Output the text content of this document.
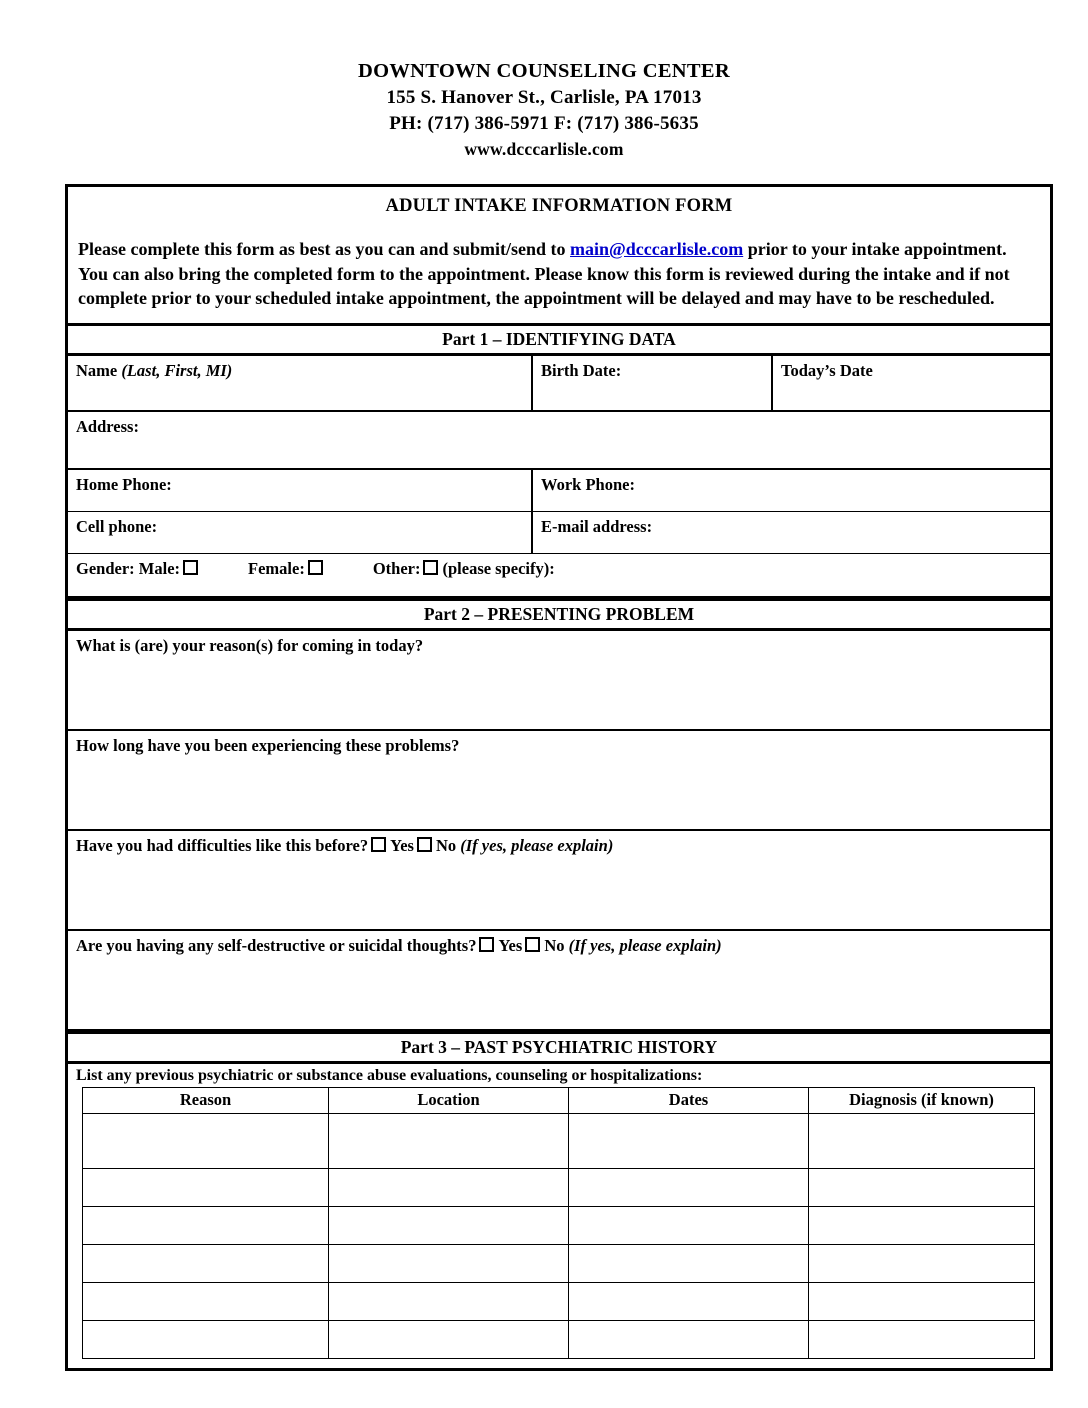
DOWNTOWN COUNSELING CENTER
155 S. Hanover St., Carlisle, PA 17013
PH: (717) 386-5971 F: (717) 386-5635
www.dcccarlisle.com
ADULT INTAKE INFORMATION FORM
Please complete this form as best as you can and submit/send to main@dcccarlisle.com prior to your intake appointment. You can also bring the completed form to the appointment. Please know this form is reviewed during the intake and if not complete prior to your scheduled intake appointment, the appointment will be delayed and may have to be rescheduled.
Part 1 – IDENTIFYING DATA
Name (Last, First, MI)	Birth Date:	Today’s Date
Address:
Home Phone:	Work Phone:
Cell phone:	E-mail address:
Gender: Male:	Female:	Other: (please specify):
Part 2 – PRESENTING PROBLEM
What is (are) your reason(s) for coming in today?
How long have you been experiencing these problems?
Have you had difficulties like this before? Yes No (If yes, please explain)
Are you having any self-destructive or suicidal thoughts? Yes No (If yes, please explain)
Part 3 – PAST PSYCHIATRIC HISTORY
List any previous psychiatric or substance abuse evaluations, counseling or hospitalizations:
Reason	Location	Dates	Diagnosis (if known)
